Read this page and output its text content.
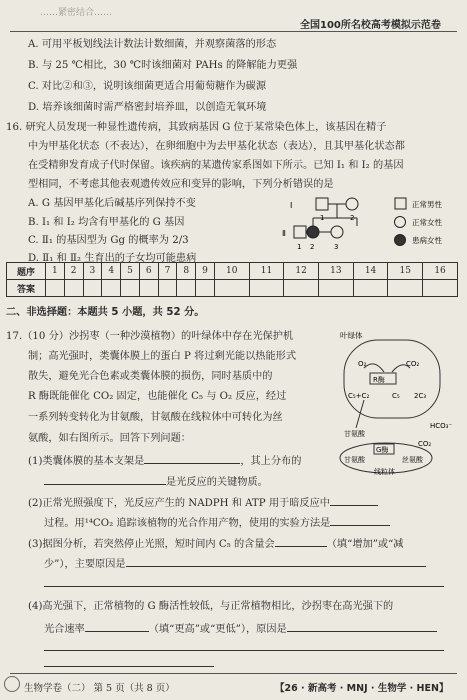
……紧密结合……
全国100所名校高考模拟示范卷
A. 可用平板划线法计数法计数细菌，并观察菌落的形态
B. 与 25 ℃相比，30 ℃时该细菌对 PAHs 的降解能力更强
C. 对比②和③，说明该细菌更适合用葡萄糖作为碳源
D. 培养该细菌时需严格密封培养皿，以创造无氧环境
16. 研究人员发现一种显性遗传病，其致病基因 G 位于某常染色体上，该基因在精子
中为甲基化状态（不表达），在卵细胞中为去甲基化状态（表达），且其甲基化状态都
在受精卵发育成子代时保留。该疾病的某遗传家系图如下所示。已知 Ⅰ₁ 和 Ⅰ₂ 的基因
型相同，不考虑其他表观遗传效应和变异的影响，下列分析错误的是
A. G 基因甲基化后碱基序列保持不变
B. Ⅰ₁ 和 Ⅰ₂ 均含有甲基化的 G 基因
C. Ⅱ₁ 的基因型为 Gg 的概率为 2/3
D. Ⅱ₁ 和 Ⅱ₂ 生育出的子女均可能患病
Ⅰ
Ⅱ
1	2
1 2	3
正常男性
正常女性
患病女性
题序	1	2	3	4	5	6	7	8	9	10	11	12	13	14	15	16
答案																
二、非选择题：本题共 5 小题，共 52 分。
17.（10 分）沙拐枣（一种沙漠植物）的叶绿体中存在光保护机
制；高光强时，类囊体膜上的蛋白 P 将过剩光能以热能形式
散失，避免光合色素或类囊体膜的损伤，同时基质中的
R 酶既能催化 CO₂ 固定，也能催化 C₅ 与 O₂ 反应，经过
一系列转变转化为甘氨酸，甘氨酸在线粒体中可转化为丝
氨酸，如右图所示。回答下列问题：
叶绿体
O₂	CO₂
R酶
C₅+C₂	C₅ 2C₃
甘氨酸
HCO₃⁻
CO₂
G酶
甘氨酸	丝氨酸
线粒体
(1)类囊体膜的基本支架是	，其上分布的
是光反应的关键物质。
(2)正常光照强度下，光反应产生的 NADPH 和 ATP 用于暗反应中
过程。用¹⁴CO₂ 追踪该植物的光合作用产物，使用的实验方法是
(3)据图分析，若突然停止光照，短时间内 C₅ 的含量会	（填“增加”或“减
少”），主要原因是
(4)高光强下，正常植物的 G 酶活性较低，与正常植物相比，沙拐枣在高光强下的
光合速率	（填“更高”或“更低”），原因是
生物学卷（二） 第 5 页（共 8 页）	【26 · 新高考 · MNJ · 生物学 · HEN】
